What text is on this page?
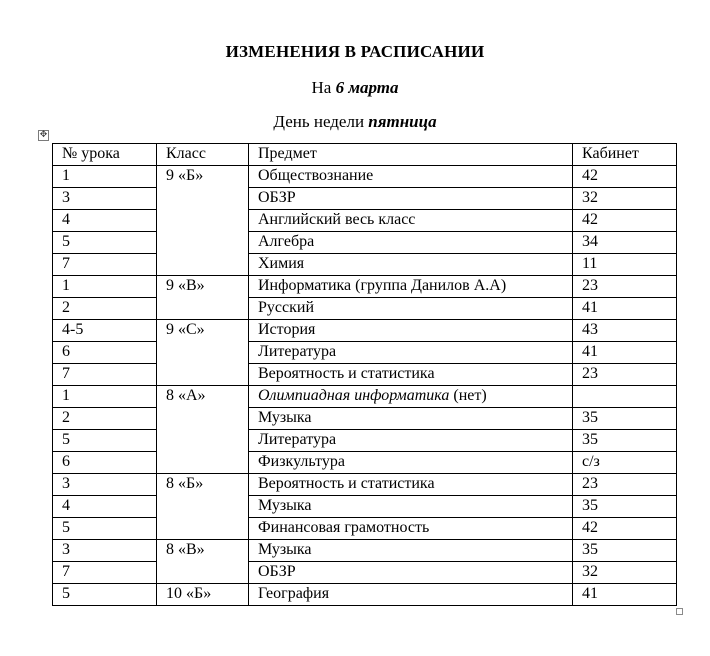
ИЗМЕНЕНИЯ В РАСПИСАНИИ
На 6 марта
День недели пятница
✥
№ урока	Класс	Предмет	Кабинет
1	9 «Б»	Обществознание	42
3		ОБЗР	32
4		Английский весь класс	42
5		Алгебра	34
7		Химия	11
1	9 «В»	Информатика (группа Данилов А.А)	23
2		Русский	41
4-5	9 «С»	История	43
6		Литература	41
7		Вероятность и статистика	23
1	8 «А»	Олимпиадная информатика (нет)	
2		Музыка	35
5		Литература	35
6		Физкультура	с/з
3	8 «Б»	Вероятность и статистика	23
4		Музыка	35
5		Финансовая грамотность	42
3	8 «В»	Музыка	35
7		ОБЗР	32
5	10 «Б»	География	41
